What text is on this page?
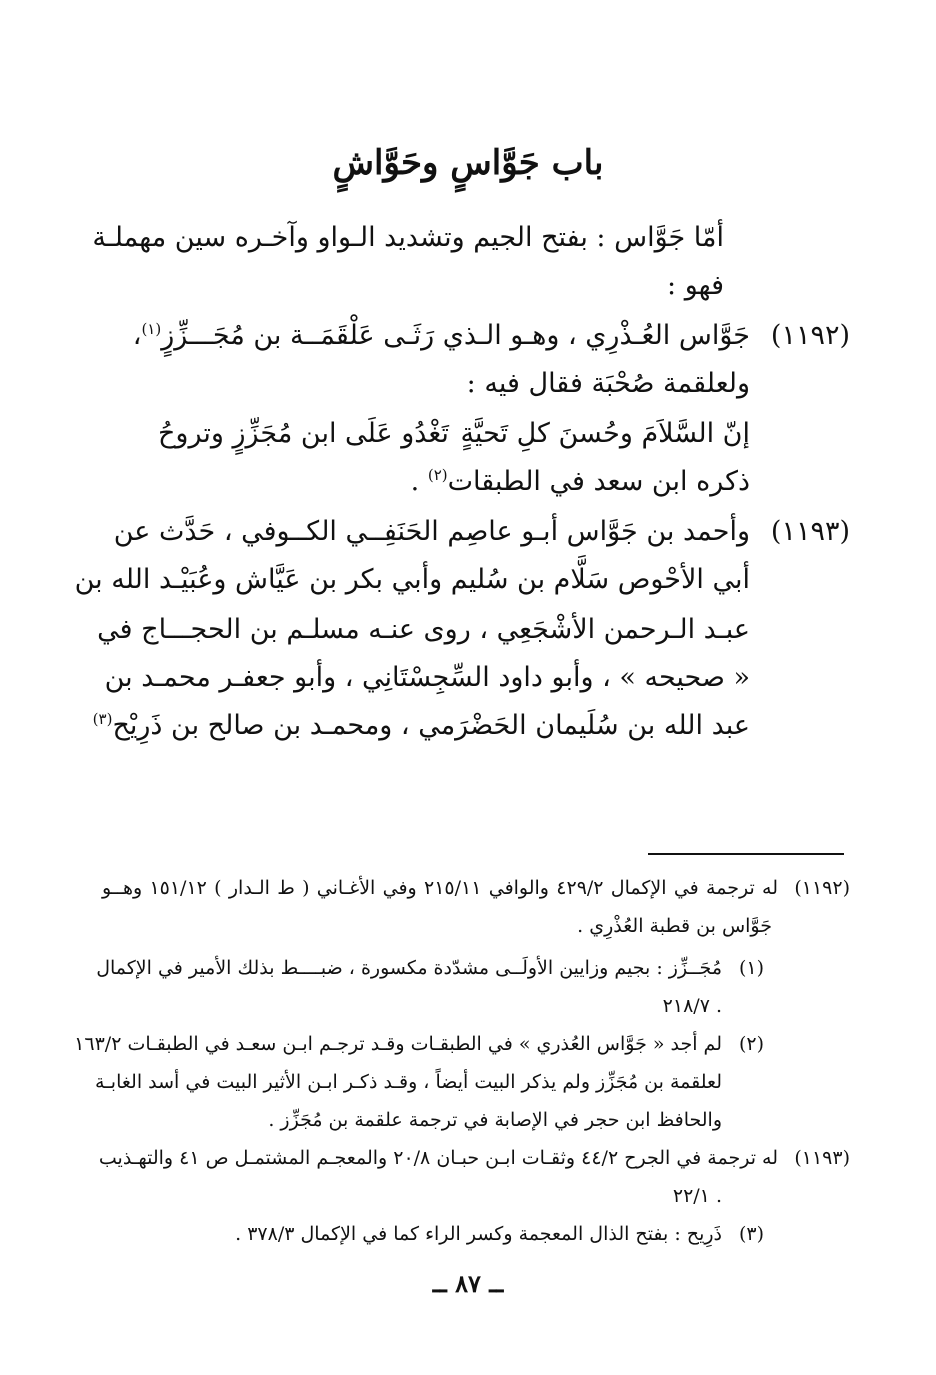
باب جَوَّاسٍ وحَوَّاشٍ
أمّا جَوَّاس : بفتح الجيم وتشديد الـواو وآخـره سين مهملـة
فهو :
(١١٩٢)
جَوَّاس العُـذْرِي ، وهـو الـذي رَثَـى عَلْقَمَــة بن مُجَـــزِّزٍ$^{(١)}$،
ولعلقمة صُحْبَة فقال فيه :
إنّ السَّلاَمَ وحُسنَ كلِ تَحيَّةٍ
تَغْدُو عَلَى ابن مُجَزِّزٍ وتروحُ
ذكره ابن سعد في الطبقات$^{(٢)}$ .
(١١٩٣)
وأحمد بن جَوَّاس أبـو عاصِم الحَنَفِــي الكــوفي ، حَدَّث عن
أبي الأحْوص سَلَّام بن سُليم وأبي بكر بن عَيَّاش وعُبَيْـد الله بن
عبـد الـرحمن الأشْجَعِي ، روى عنـه مسلـم بن الحجـــاج في
« صحيحه » ، وأبو داود السِّجِسْتَانِي ، وأبو جعفـر محمـد بن
عبد الله بن سُلَيمان الحَضْرَمي ، ومحمـد بن صالح بن ذَرِيْح$^{(٣)}$
(١١٩٢)
له ترجمة في الإكمال ٤٢٩/٢ والوافي ٢١٥/١١ وفي الأغـاني ( ط الـدار ) ١٥١/١٢ وهــو
جَوَّاس بن قطبة العُذْرِي .
(١)
مُجَــزِّز : بجيم وزايين الأولَــى مشدّدة مكسورة ، ضبــــط بذلك الأمير في الإكمال
. ٢١٨/٧
(٢)
لم أجد « جَوَّاس العُذري » في الطبقـات وقـد ترجـم ابـن سعـد في الطبقـات ١٦٣/٢
لعلقمة بن مُجَزِّز ولم يذكر البيت أيضاً ، وقـد ذكـر ابـن الأثير البيت في أسد الغابـة
والحافظ ابن حجر في الإصابة في ترجمة علقمة بن مُجَزِّز .
(١١٩٣)
له ترجمة في الجرح ٤٤/٢ وثقـات ابـن حبـان ٢٠/٨ والمعجـم المشتمـل ص ٤١ والتهـذيب
. ٢٢/١
(٣)
ذَرِيح : بفتح الذال المعجمة وكسر الراء كما في الإكمال ٣٧٨/٣ .
ــ ٨٧ ــ
